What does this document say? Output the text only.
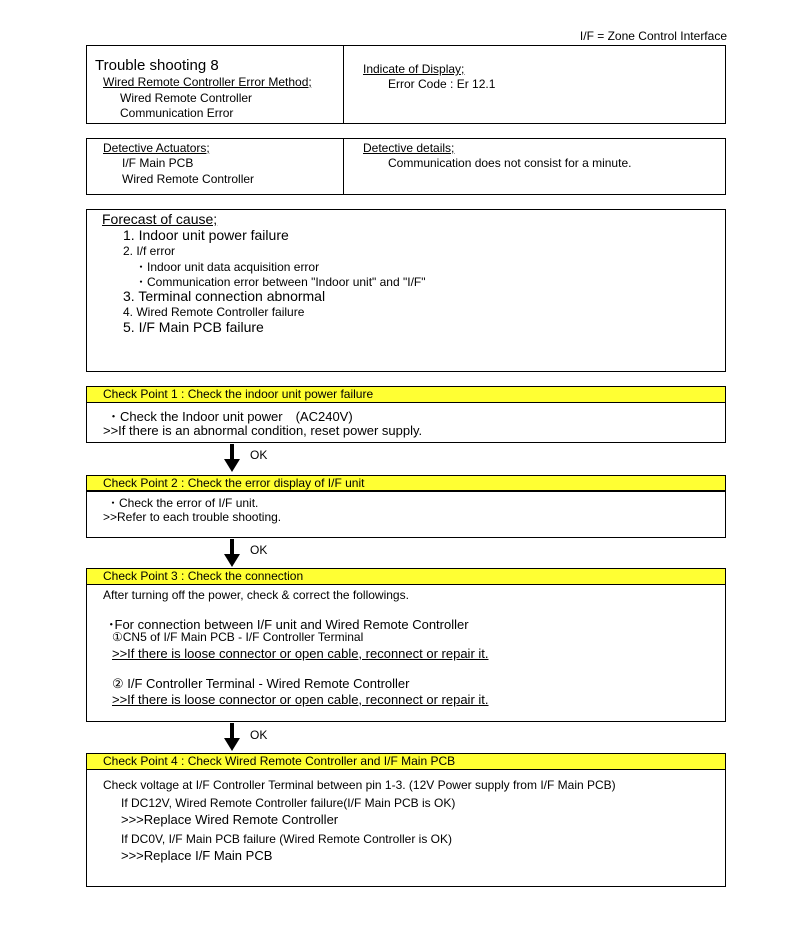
I/F = Zone Control Interface
Trouble shooting 8
Wired Remote Controller Error Method;
Wired Remote Controller
Communication Error
Indicate of Display;
Error Code : Er 12.1
Detective Actuators;
I/F Main PCB
Wired Remote Controller
Detective details;
Communication does not consist for a minute.
Forecast of cause;
1. Indoor unit power failure
2. I/f error
・Indoor unit data acquisition error
・Communication error between "Indoor unit" and "I/F"
3. Terminal connection abnormal
4. Wired Remote Controller failure
5. I/F Main PCB failure
Check Point 1 : Check the indoor unit power failure
・Check the Indoor unit power　(AC240V)
>>If there is an abnormal condition, reset power supply.
OK
Check Point 2 : Check the error display of I/F unit
・Check the error of I/F unit.
>>Refer to each trouble shooting.
OK
Check Point 3 : Check the connection
After turning off the power, check & correct the followings.
･For connection between I/F unit and Wired Remote Controller
①CN5 of I/F Main PCB - I/F Controller Terminal
>>If there is loose connector or open cable, reconnect or repair it.
② I/F Controller Terminal - Wired Remote Controller
>>If there is loose connector or open cable, reconnect or repair it.
OK
Check Point 4 : Check Wired Remote Controller and I/F Main PCB
Check voltage at I/F Controller Terminal between pin 1-3. (12V Power supply from I/F Main PCB)
If DC12V, Wired Remote Controller failure(I/F Main PCB is OK)
>>>Replace Wired Remote Controller
If DC0V, I/F Main PCB failure (Wired Remote Controller is OK)
>>>Replace I/F Main PCB
